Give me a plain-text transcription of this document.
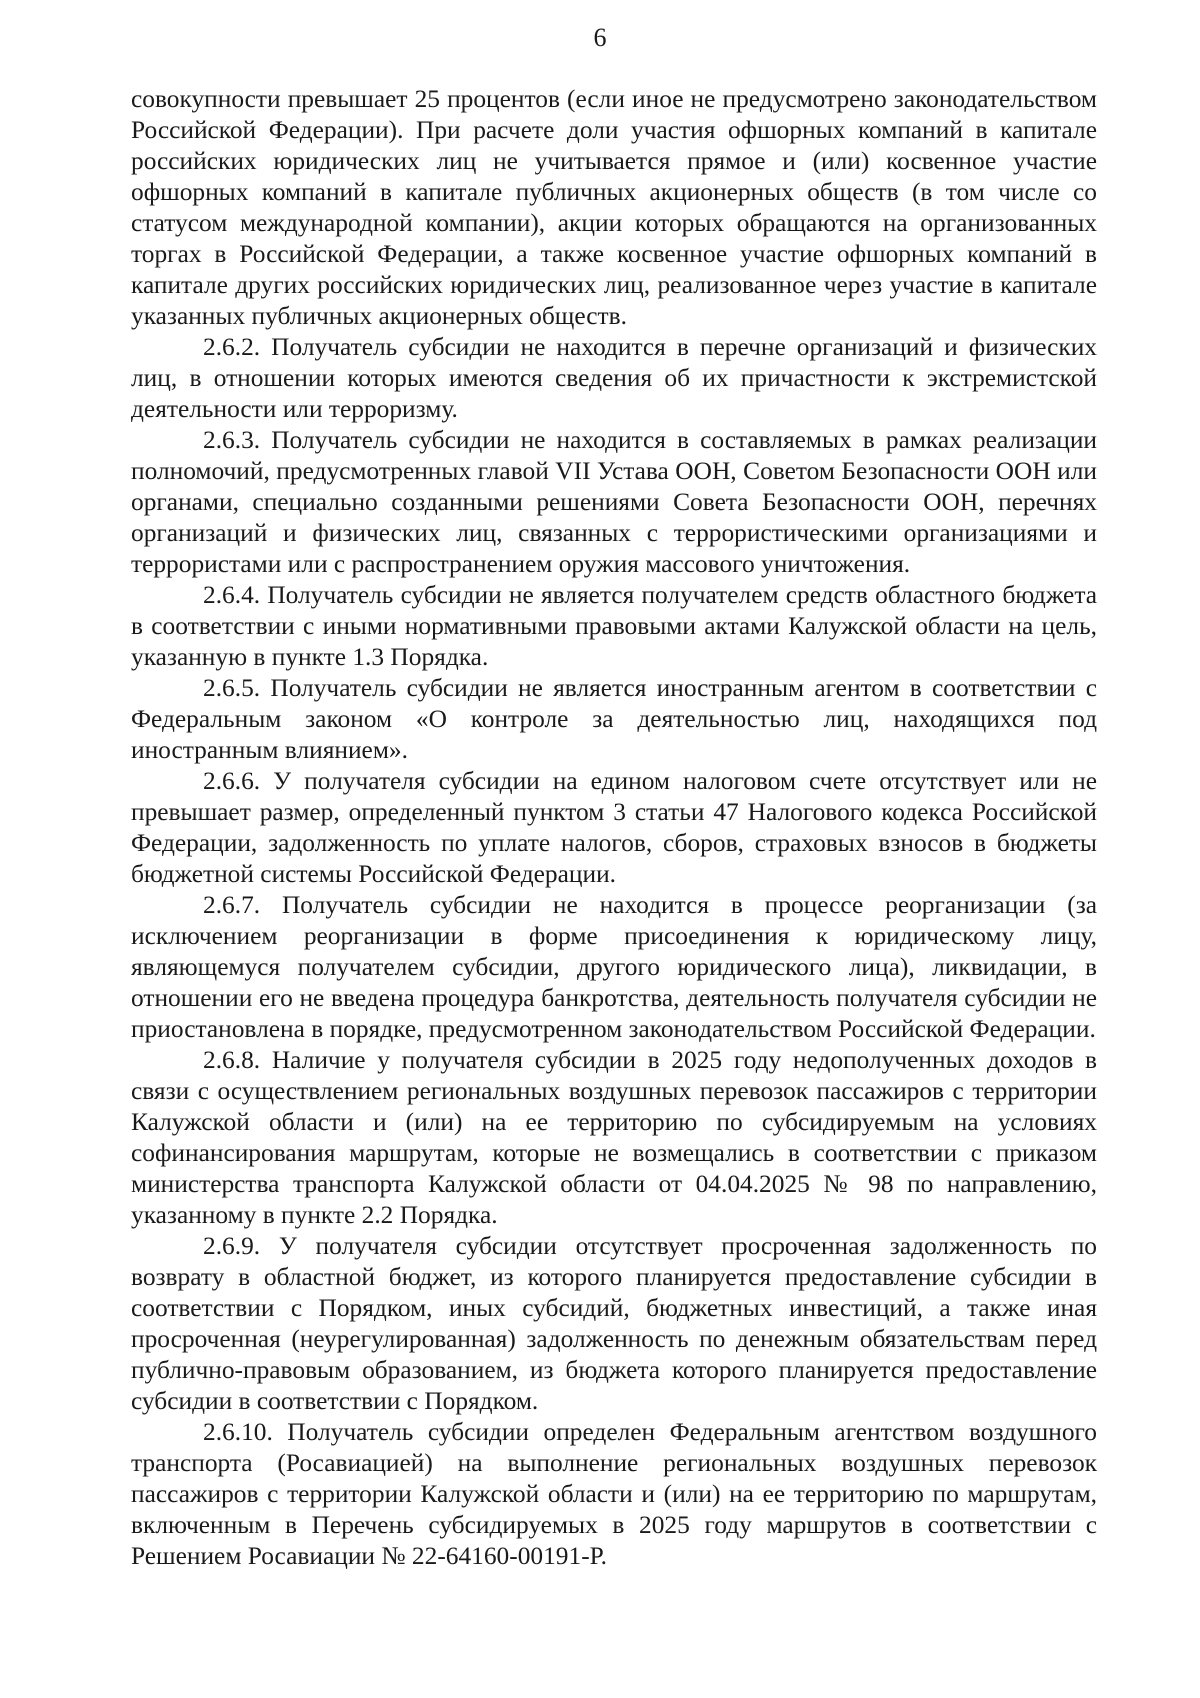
6

совокупности превышает 25 процентов (если иное не предусмотрено законодательством Российской Федерации). При расчете доли участия офшорных компаний в капитале российских юридических лиц не учитывается прямое и (или) косвенное участие офшорных компаний в капитале публичных акционерных обществ (в том числе со статусом международной компании), акции которых обращаются на организованных торгах в Российской Федерации, а также косвенное участие офшорных компаний в капитале других российских юридических лиц, реализованное через участие в капитале указанных публичных акционерных обществ.

2.6.2. Получатель субсидии не находится в перечне организаций и физических лиц, в отношении которых имеются сведения об их причастности к экстремистской деятельности или терроризму.

2.6.3. Получатель субсидии не находится в составляемых в рамках реализации полномочий, предусмотренных главой VII Устава ООН, Советом Безопасности ООН или органами, специально созданными решениями Совета Безопасности ООН, перечнях организаций и физических лиц, связанных с террористическими организациями и террористами или с распространением оружия массового уничтожения.

2.6.4. Получатель субсидии не является получателем средств областного бюджета в соответствии с иными нормативными правовыми актами Калужской области на цель, указанную в пункте 1.3 Порядка.

2.6.5. Получатель субсидии не является иностранным агентом в соответствии с Федеральным законом «О контроле за деятельностью лиц, находящихся под иностранным влиянием».

2.6.6. У получателя субсидии на едином налоговом счете отсутствует или не превышает размер, определенный пунктом 3 статьи 47 Налогового кодекса Российской Федерации, задолженность по уплате налогов, сборов, страховых взносов в бюджеты бюджетной системы Российской Федерации.

2.6.7. Получатель субсидии не находится в процессе реорганизации (за исключением реорганизации в форме присоединения к юридическому лицу, являющемуся получателем субсидии, другого юридического лица), ликвидации, в отношении его не введена процедура банкротства, деятельность получателя субсидии не приостановлена в порядке, предусмотренном законодательством Российской Федерации.

2.6.8. Наличие у получателя субсидии в 2025 году недополученных доходов в связи с осуществлением региональных воздушных перевозок пассажиров с территории Калужской области и (или) на ее территорию по субсидируемым на условиях софинансирования маршрутам, которые не возмещались в соответствии с приказом министерства транспорта Калужской области от 04.04.2025 № 98 по направлению, указанному в пункте 2.2 Порядка.

2.6.9. У получателя субсидии отсутствует просроченная задолженность по возврату в областной бюджет, из которого планируется предоставление субсидии в соответствии с Порядком, иных субсидий, бюджетных инвестиций, а также иная просроченная (неурегулированная) задолженность по денежным обязательствам перед публично-правовым образованием, из бюджета которого планируется предоставление субсидии в соответствии с Порядком.

2.6.10. Получатель субсидии определен Федеральным агентством воздушного транспорта (Росавиацией) на выполнение региональных воздушных перевозок пассажиров с территории Калужской области и (или) на ее территорию по маршрутам, включенным в Перечень субсидируемых в 2025 году маршрутов в соответствии с Решением Росавиации № 22-64160-00191-Р.
